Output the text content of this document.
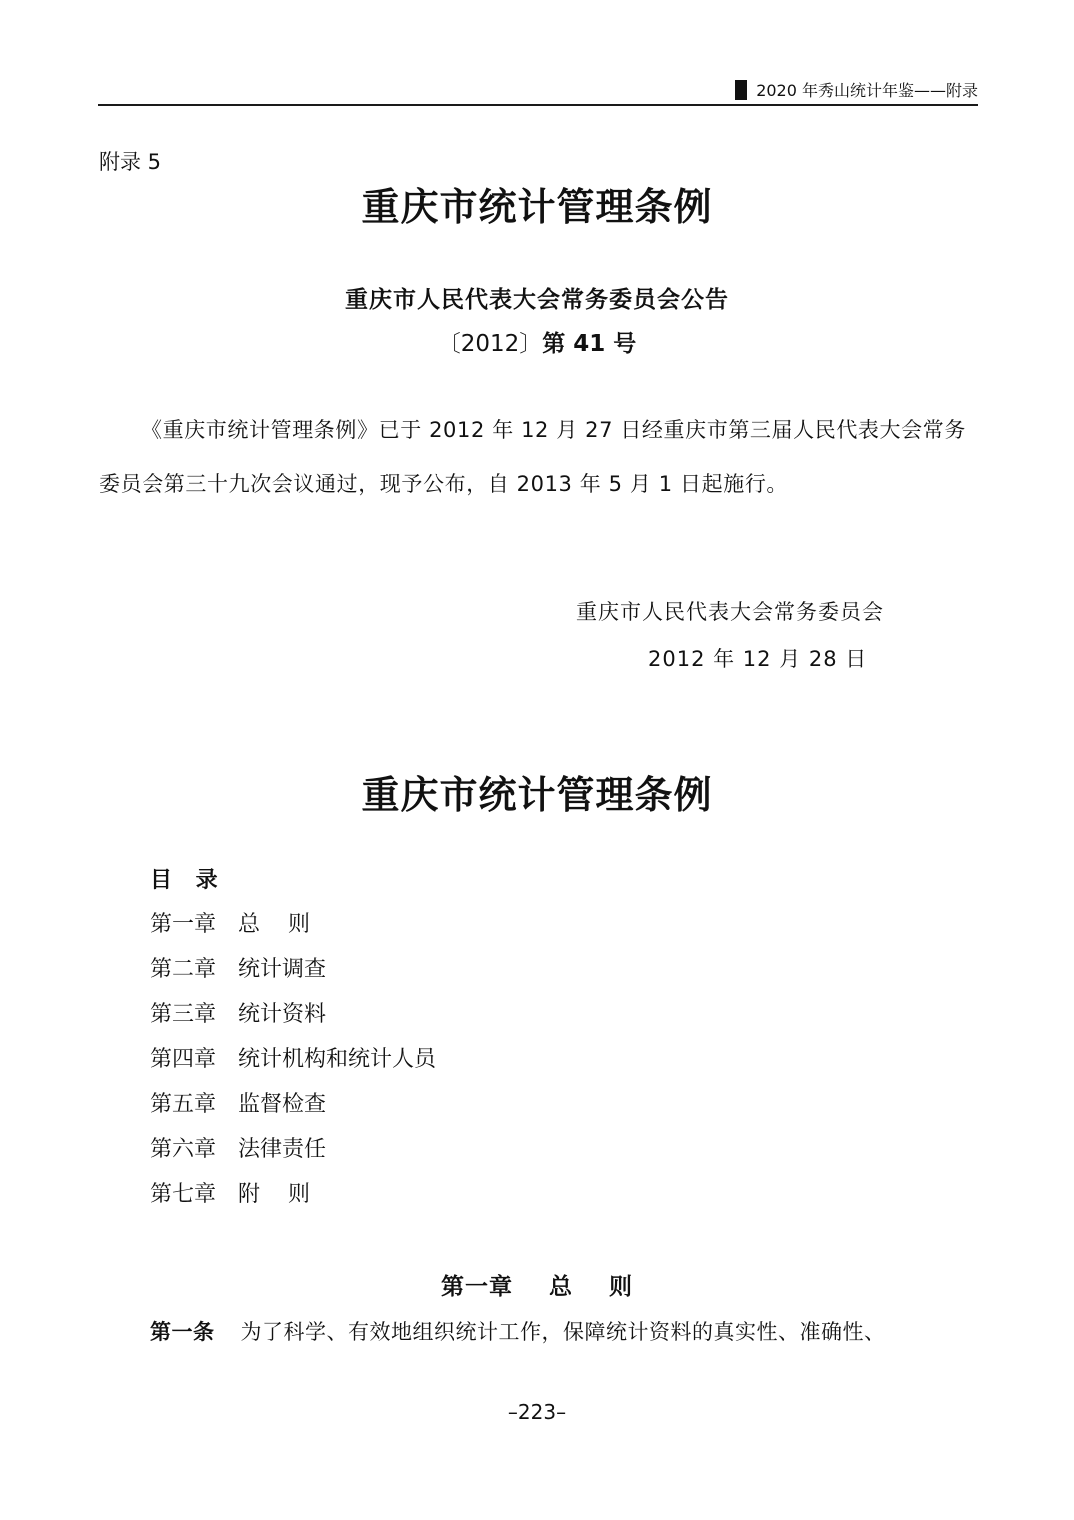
2020 年秀山统计年鉴——附录
附录 5
重庆市统计管理条例
重庆市人民代表大会常务委员会公告
〔2012〕第 41 号

《重庆市统计管理条例》已于 2012 年 12 月 27 日经重庆市第三届人民代表大会常务委员会第三十九次会议通过，现予公布，自 2013 年 5 月 1 日起施行。

重庆市人民代表大会常务委员会
2012 年 12 月 28 日
重庆市统计管理条例
目 录
第一章 总    则
第二章 统计调查
第三章 统计资料
第四章 统计机构和统计人员
第五章 监督检查
第六章 法律责任
第七章 附    则
第一章    总    则
第一条 为了科学、有效地组织统计工作，保障统计资料的真实性、准确性、
–223–
